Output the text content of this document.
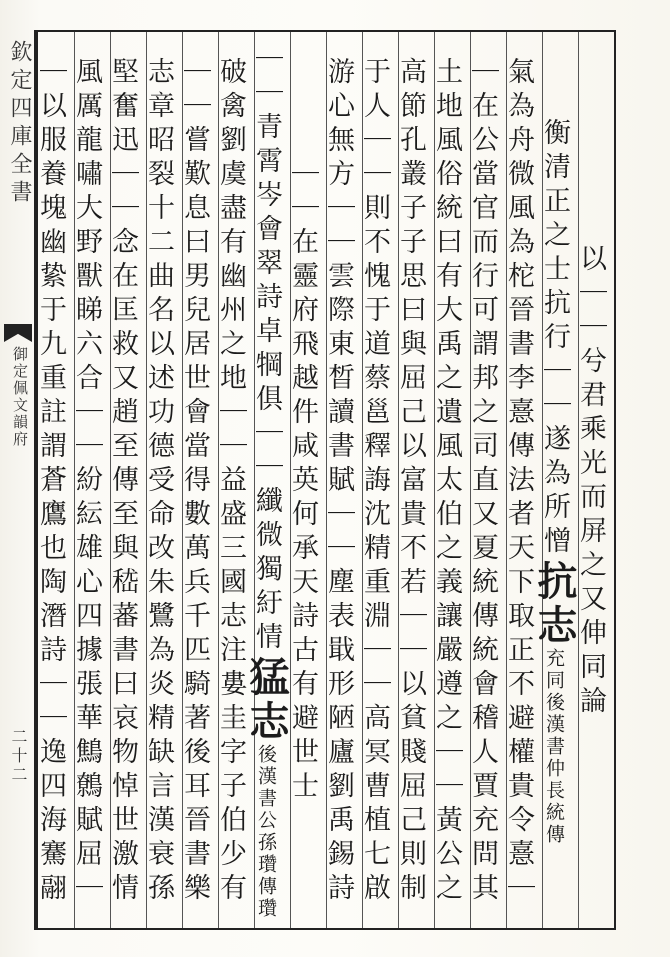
欽定四庫全書
御定佩文韻府
二十二
以｜｜兮君乘光而屏之又伸同論
衡清正之士抗行｜｜遂為所憎
抗志
充同後漢書仲長統傳
氣為舟微風為柁晉書李憙傳法者天下取正不避權貴令憙｜
｜在公當官而行可謂邦之司直又夏統傳統會稽人賈充問其
土地風俗統曰有大禹之遺風太伯之義讓嚴遵之｜｜黃公之
高節孔叢子子思曰與屈己以富貴不若｜｜以貧賤屈己則制
于人｜｜則不愧于道蔡邕釋誨沈精重淵｜｜高冥曹植七啟
游心無方｜｜雲際東晳讀書賦｜｜塵表戢形陋廬劉禹錫詩
｜｜在靈府飛越件咸英何承天詩古有避世士
｜｜青霄岑會翠詩卓犅俱｜｜纖微獨紆情
猛志
後漢書公孫瓚傳瓚
破禽劉虞盡有幽州之地｜｜益盛三國志注婁圭字子伯少有
｜｜嘗歎息曰男兒居世會當得數萬兵千匹騎著後耳晉書樂
志章昭裂十二曲名以述功德受命改朱鷺為炎精缺言漢衰孫
堅奮迅｜｜念在匡救又趙至傳至與嵇蕃書曰哀物悼世激情
風厲龍嘯大野獸睇六合｜｜紛紜雄心四據張華鷦鷯賦屈｜
｜以服養塊幽絷于九重註謂蒼鷹也陶潛詩｜｜逸四海騫翮
